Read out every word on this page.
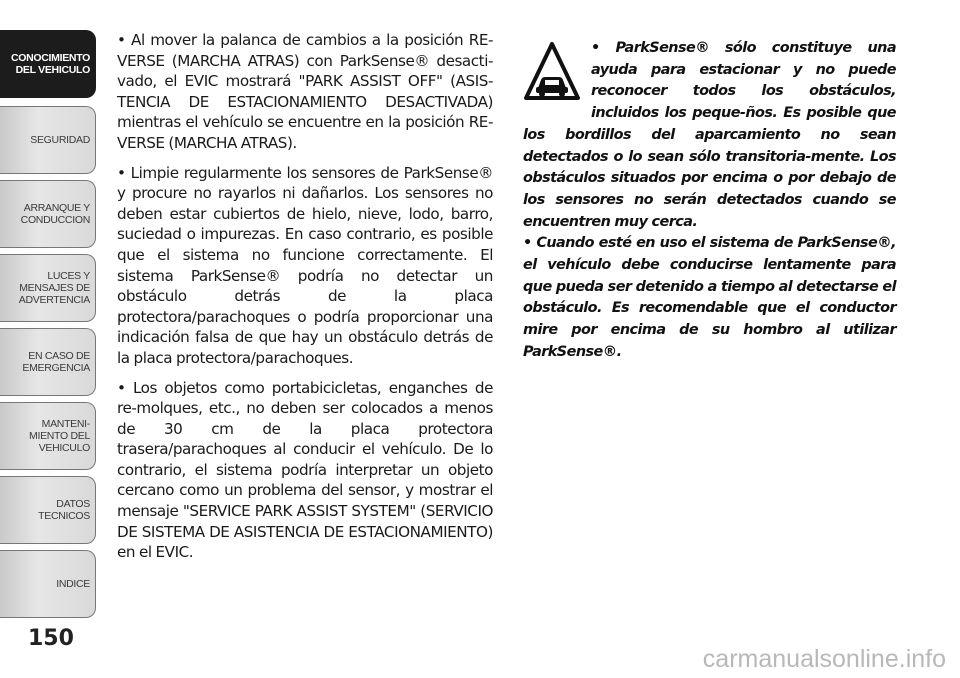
CONOCIMIENTO
DEL VEHICULO
SEGURIDAD
ARRANQUE Y
CONDUCCION
LUCES Y
MENSAJES DE
ADVERTENCIA
EN CASO DE
EMERGENCIA
MANTENI-
MIENTO DEL
VEHICULO
DATOS
TECNICOS
INDICE
150

• Al mover la palanca de cambios a la posición RE-VERSE (MARCHA ATRAS) con ParkSense® desacti-vado, el EVIC mostrará "PARK ASSIST OFF" (ASIS-TENCIA DE ESTACIONAMIENTO DESACTIVADA) mientras el vehículo se encuentre en la posición RE-VERSE (MARCHA ATRAS).

• Limpie regularmente los sensores de ParkSense® y procure no rayarlos ni dañarlos. Los sensores no deben estar cubiertos de hielo, nieve, lodo, barro, suciedad o impurezas. En caso contrario, es posible que el sistema no funcione correctamente. El sistema ParkSense® podría no detectar un obstáculo detrás de la placa protectora/parachoques o podría proporcionar una indicación falsa de que hay un obstáculo detrás de la placa protectora/parachoques.

• Los objetos como portabicicletas, enganches de re-molques, etc., no deben ser colocados a menos de 30 cm de la placa protectora trasera/parachoques al conducir el vehículo. De lo contrario, el sistema podría interpretar un objeto cercano como un problema del sensor, y mostrar el mensaje "SERVICE PARK ASSIST SYSTEM" (SERVICIO DE SISTEMA DE ASISTENCIA DE ESTACIONAMIENTO) en el EVIC.

• ParkSense® sólo constituye una ayuda para estacionar y no puede reconocer todos los obstáculos, incluidos los peque-ños. Es posible que los bordillos del aparcamiento no sean detectados o lo sean sólo transitoria-mente. Los obstáculos situados por encima o por debajo de los sensores no serán detectados cuando se encuentren muy cerca.

• Cuando esté en uso el sistema de ParkSense®, el vehículo debe conducirse lentamente para que pueda ser detenido a tiempo al detectarse el obstáculo. Es recomendable que el conductor mire por encima de su hombro al utilizar ParkSense®.

carmanualsonline.info
